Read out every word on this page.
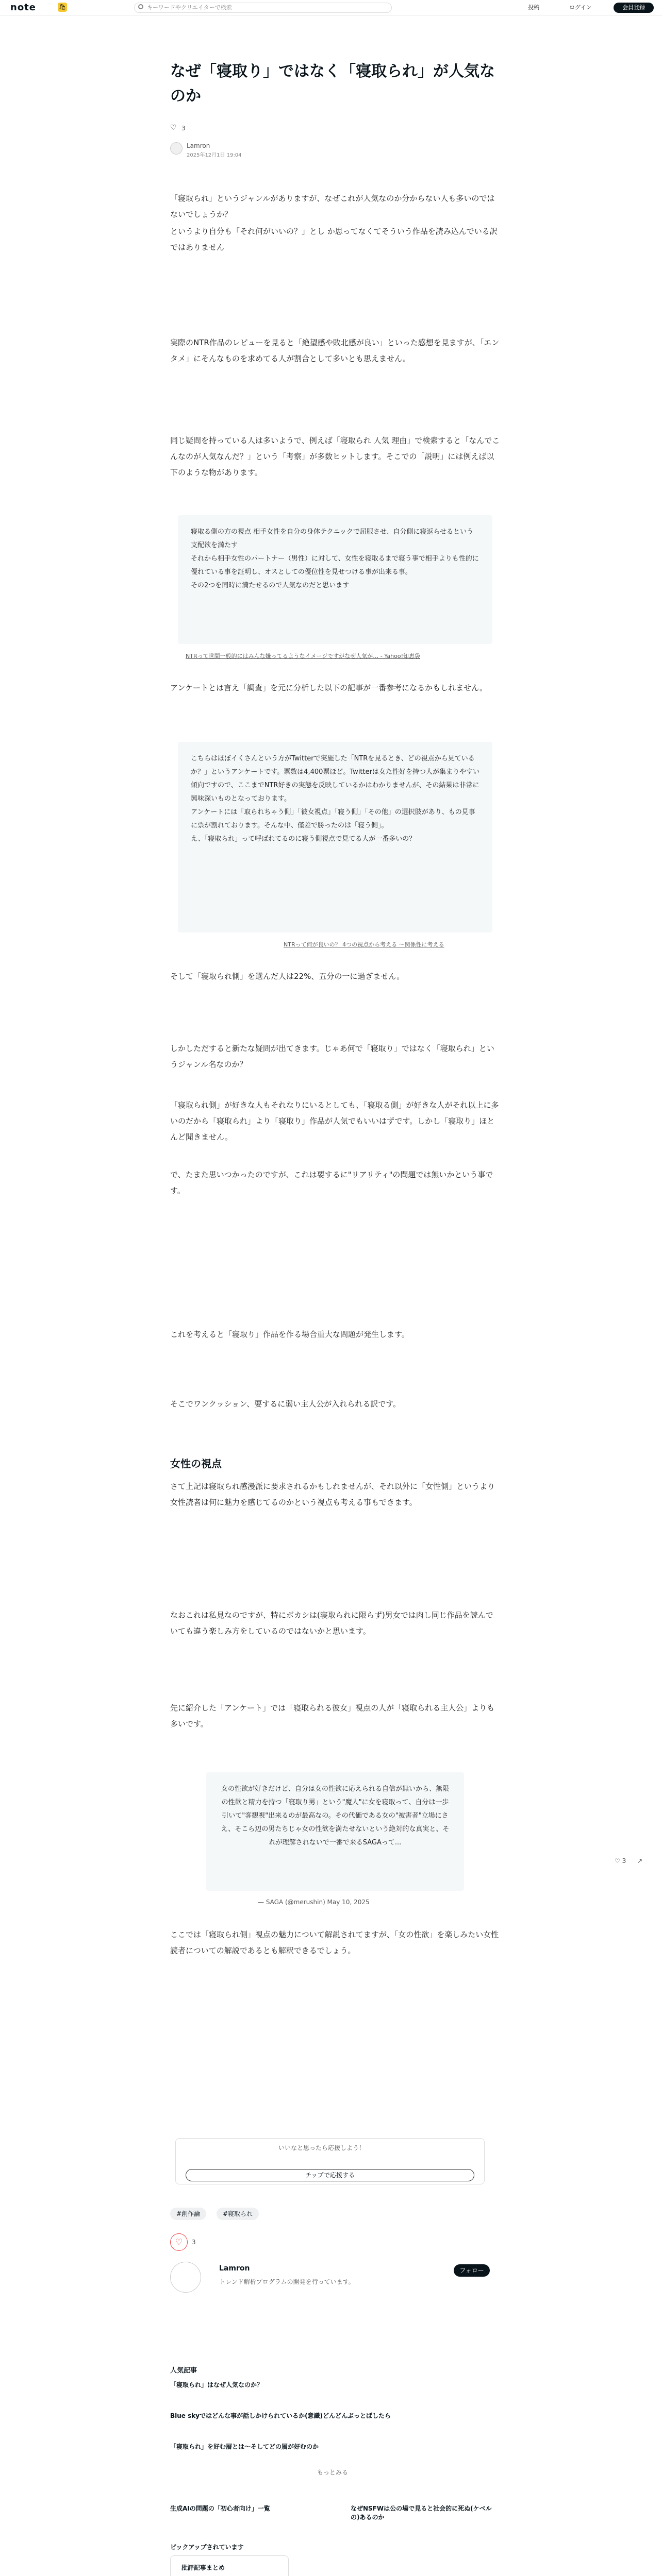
note	🛍	キーワードやクリエイターで検索	投稿	ログイン	会員登録
なぜ「寝取り」ではなく「寝取られ」が人気なのか
♡ 3
Lamron
2025年12月1日 19:04
「寝取られ」というジャンルがありますが、なぜこれが人気なのか分からない人も多いのではないでしょうか？
というより自分も「それ何がいいの？」とし か思ってなくてそういう作品を読み込んでいる訳ではありません
実際のNTR作品のレビューを見ると「絶望感や敗北感が良い」といった感想を見ますが、「エンタメ」にそんなものを求めてる人が割合として多いとも思えません。
同じ疑問を持っている人は多いようで、例えば「寝取られ 人気 理由」で検索すると「なんでこんなのが人気なんだ？」という「考察」が多数ヒットします。そこでの「説明」には例えば以下のような物があります。
寝取る側の方の視点 相手女性を自分の身体テクニックで屈服させ、自分側に寝返らせるという支配欲を満たす
それから相手女性のパートナー（男性）に対して、女性を寝取るまで寝う事で相手よりも性的に優れている事を証明し、オスとしての優位性を見せつける事が出来る事。
その2つを同時に満たせるので人気なのだと思います
NTRって世間一般的にはみんな嫌ってるようなイメージですがなぜ人気が… - Yahoo!知恵袋
アンケートとは言え「調査」を元に分析した以下の記事が一番参考になるかもしれません。
こちらはほぼイくさんという方がTwitterで実施した「NTRを見るとき、どの視点から見ているか？」というアンケートです。票数は4,400票ほど。Twitterは女た性好を持つ人が集まりやすい傾向ですので、ここまでNTR好きの実態を反映しているかはわかりませんが、その結果は非常に興味深いものとなっております。
アンケートには「取られちゃう側」「彼女視点」「寝う側」「その他」の選択肢があり、もの見事に票が割れております。そんな中、僅差で勝ったのは「寝う側」。
え、「寝取られ」って呼ばれてるのに寝う側視点で見てる人が一番多いの？
NTRって何が良いの？ 4つの視点から考える ～関係性に考える
そして「寝取られ側」を選んだ人は22%、五分の一に過ぎません。
しかしただすると新たな疑問が出てきます。じゃあ何で「寝取り」ではなく「寝取られ」というジャンル名なのか？
「寝取られ側」が好きな人もそれなりにいるとしても、「寝取る側」が好きな人がそれ以上に多いのだから「寝取られ」より「寝取り」作品が人気でもいいはずです。しかし「寝取り」ほとんど聞きません。
で、たまた思いつかったのですが、これは要するに"リアリティ"の問題では無いかという事です。
これを考えると「寝取り」作品を作る場合重大な問題が発生します。
そこでワンクッション、要するに弱い主人公が入れられる訳です。
女性の視点
さて上記は寝取られ感漫派に要求されるかもしれませんが、それ以外に「女性側」というより女性読者は何に魅力を感じてるのかという視点も考える事もできます。
なおこれは私見なのですが、特にボカシは(寝取られに限らず)男女では肉し同じ作品を読んでいても違う楽しみ方をしているのではないかと思います。
先に紹介した「アンケート」では「寝取られる彼女」視点の人が「寝取られる主人公」よりも多いです。
女の性欲が好きだけど、自分は女の性欲に応えられる自信が無いから、無限の性欲と精力を持つ「寝取り男」という"魔人"に女を寝取って、自分は一歩引いて"客観視"出来るのが最高なの。その代価である女の"被害者"立場にさえ、そこら辺の男たちじゃ女の性欲を満たせないという絶対的な真実と、それが理解されないで一番で来るSAGAって...
— SAGA (@merushin) May 10, 2025
ここでは「寝取られ側」視点の魅力について解説されてますが、「女の性欲」を楽しみたい女性読者についての解説であるとも解釈できるでしょう。
♡ 3 ↗
いいなと思ったら応援しよう！
チップで応援する
#創作論	#寝取られ
♡	3
Lamron
トレンド解析プログラムの開発を行っています。
フォロー
人気記事
「寝取られ」はなぜ人気なのか？
Blue skyではどんな事が話しかけられているか(意識)どんどんぶっとばしたら
「寝取られ」を好む層とは〜そしてどの層が好むのか
もっとみる
生成AIの問題の「初心者向け」一覧	なぜNSFWは公の場で見ると社会的に死ぬ(ケベルの)あるのか
ピックアップされています
批評記事まとめ
